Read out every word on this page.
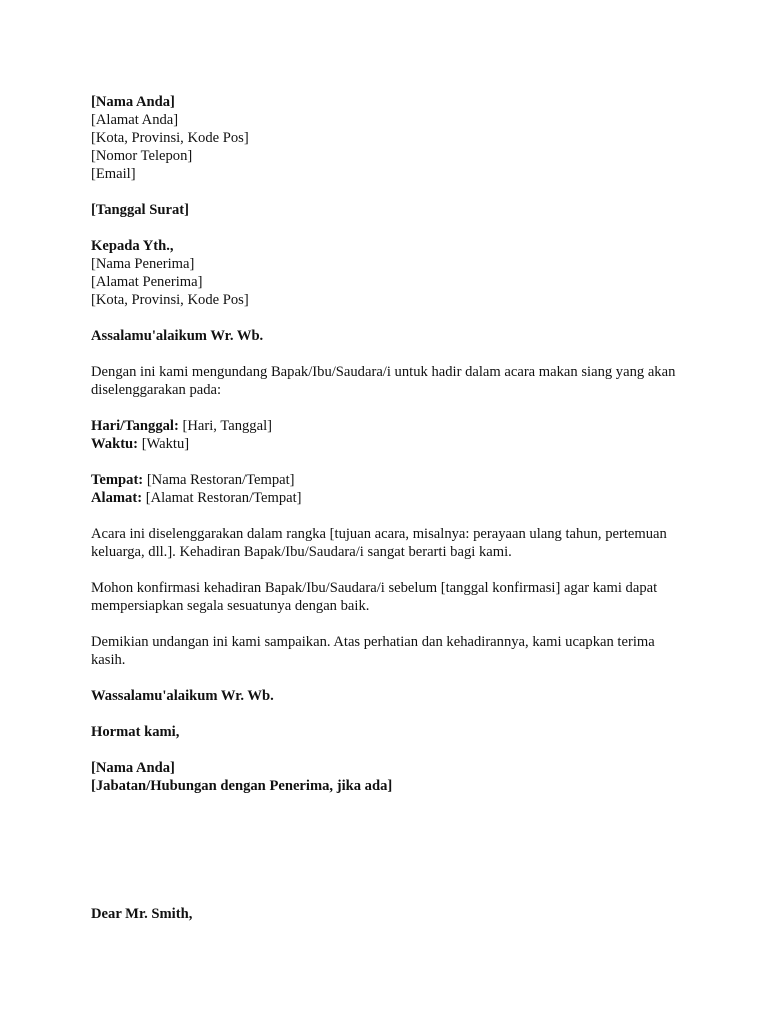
[Nama Anda]
[Alamat Anda]
[Kota, Provinsi, Kode Pos]
[Nomor Telepon]
[Email]
[Tanggal Surat]
Kepada Yth.,
[Nama Penerima]
[Alamat Penerima]
[Kota, Provinsi, Kode Pos]
Assalamu'alaikum Wr. Wb.
Dengan ini kami mengundang Bapak/Ibu/Saudara/i untuk hadir dalam acara makan siang yang akan diselenggarakan pada:
Hari/Tanggal: [Hari, Tanggal]
Waktu: [Waktu]
Tempat: [Nama Restoran/Tempat]
Alamat: [Alamat Restoran/Tempat]
Acara ini diselenggarakan dalam rangka [tujuan acara, misalnya: perayaan ulang tahun, pertemuan keluarga, dll.]. Kehadiran Bapak/Ibu/Saudara/i sangat berarti bagi kami.
Mohon konfirmasi kehadiran Bapak/Ibu/Saudara/i sebelum [tanggal konfirmasi] agar kami dapat mempersiapkan segala sesuatunya dengan baik.
Demikian undangan ini kami sampaikan. Atas perhatian dan kehadirannya, kami ucapkan terima kasih.
Wassalamu'alaikum Wr. Wb.
Hormat kami,
[Nama Anda]
[Jabatan/Hubungan dengan Penerima, jika ada]
Dear Mr. Smith,
